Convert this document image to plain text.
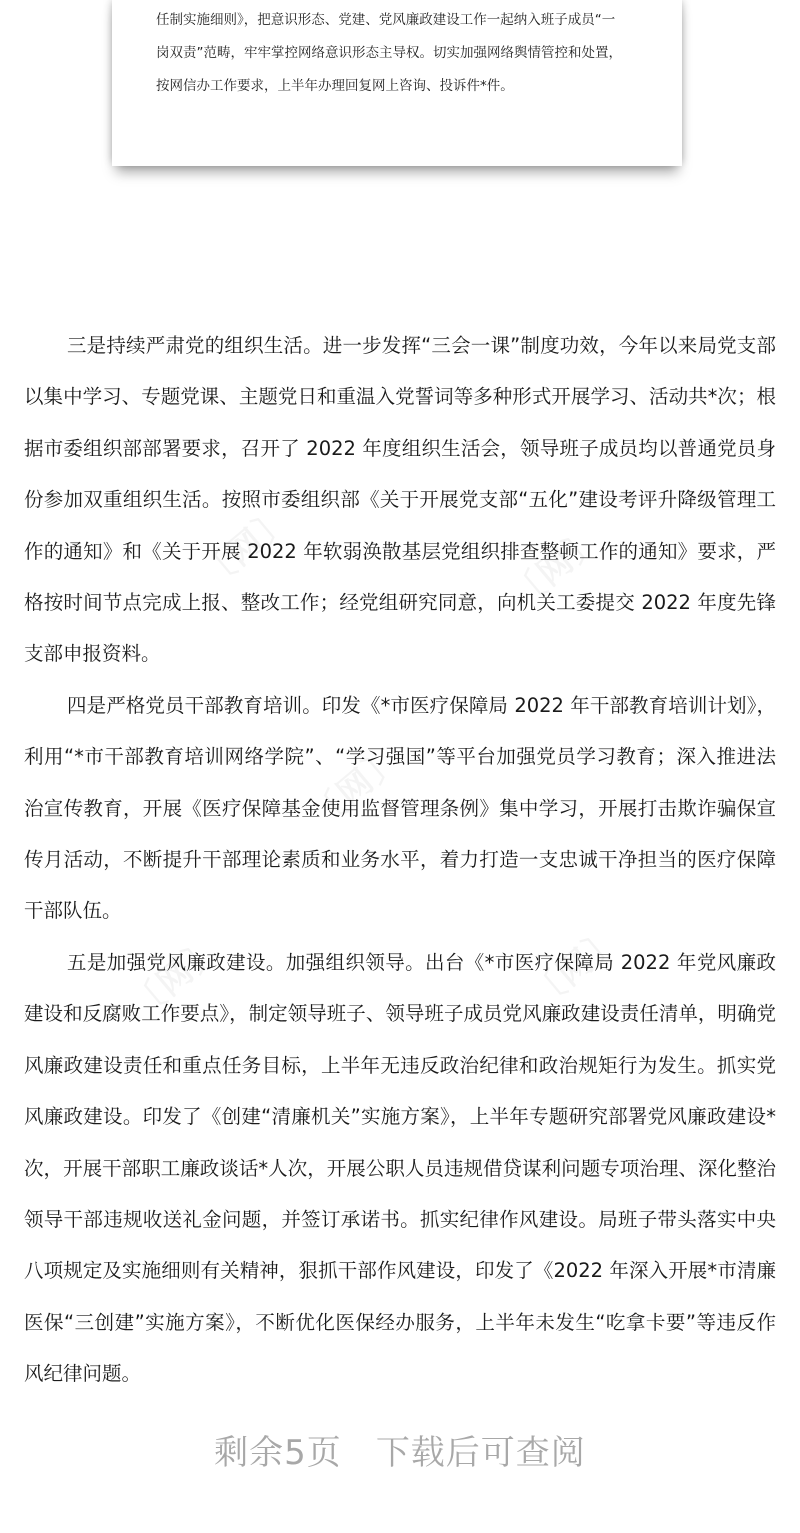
任制实施细则》，把意识形态、党建、党风廉政建设工作一起纳入班子成员“一
岗双责”范畴，牢牢掌控网络意识形态主导权。切实加强网络舆情管控和处置，
按网信办工作要求，上半年办理回复网上咨询、投诉件*件。

三是持续严肃党的组织生活。进一步发挥“三会一课”制度功效，今年以来局党支部以集中学习、专题党课、主题党日和重温入党誓词等多种形式开展学习、活动共*次；根据市委组织部部署要求，召开了 2022 年度组织生活会，领导班子成员均以普通党员身份参加双重组织生活。按照市委组织部《关于开展党支部“五化”建设考评升降级管理工作的通知》和《关于开展 2022 年软弱涣散基层党组织排查整顿工作的通知》要求，严格按时间节点完成上报、整改工作；经党组研究同意，向机关工委提交 2022 年度先锋支部申报资料。

四是严格党员干部教育培训。印发《*市医疗保障局 2022 年干部教育培训计划》，利用“*市干部教育培训网络学院”、“学习强国”等平台加强党员学习教育；深入推进法治宣传教育，开展《医疗保障基金使用监督管理条例》集中学习，开展打击欺诈骗保宣传月活动，不断提升干部理论素质和业务水平，着力打造一支忠诚干净担当的医疗保障干部队伍。

五是加强党风廉政建设。加强组织领导。出台《*市医疗保障局 2022 年党风廉政建设和反腐败工作要点》，制定领导班子、领导班子成员党风廉政建设责任清单，明确党风廉政建设责任和重点任务目标，上半年无违反政治纪律和政治规矩行为发生。抓实党风廉政建设。印发了《创建“清廉机关”实施方案》，上半年专题研究部署党风廉政建设*次，开展干部职工廉政谈话*人次，开展公职人员违规借贷谋利问题专项治理、深化整治领导干部违规收送礼金问题，并签订承诺书。抓实纪律作风建设。局班子带头落实中央八项规定及实施细则有关精神，狠抓干部作风建设，印发了《2022 年深入开展*市清廉医保“三创建”实施方案》，不断优化医保经办服务，上半年未发生“吃拿卡要”等违反作风纪律问题。

剩余5页 下载后可查阅
